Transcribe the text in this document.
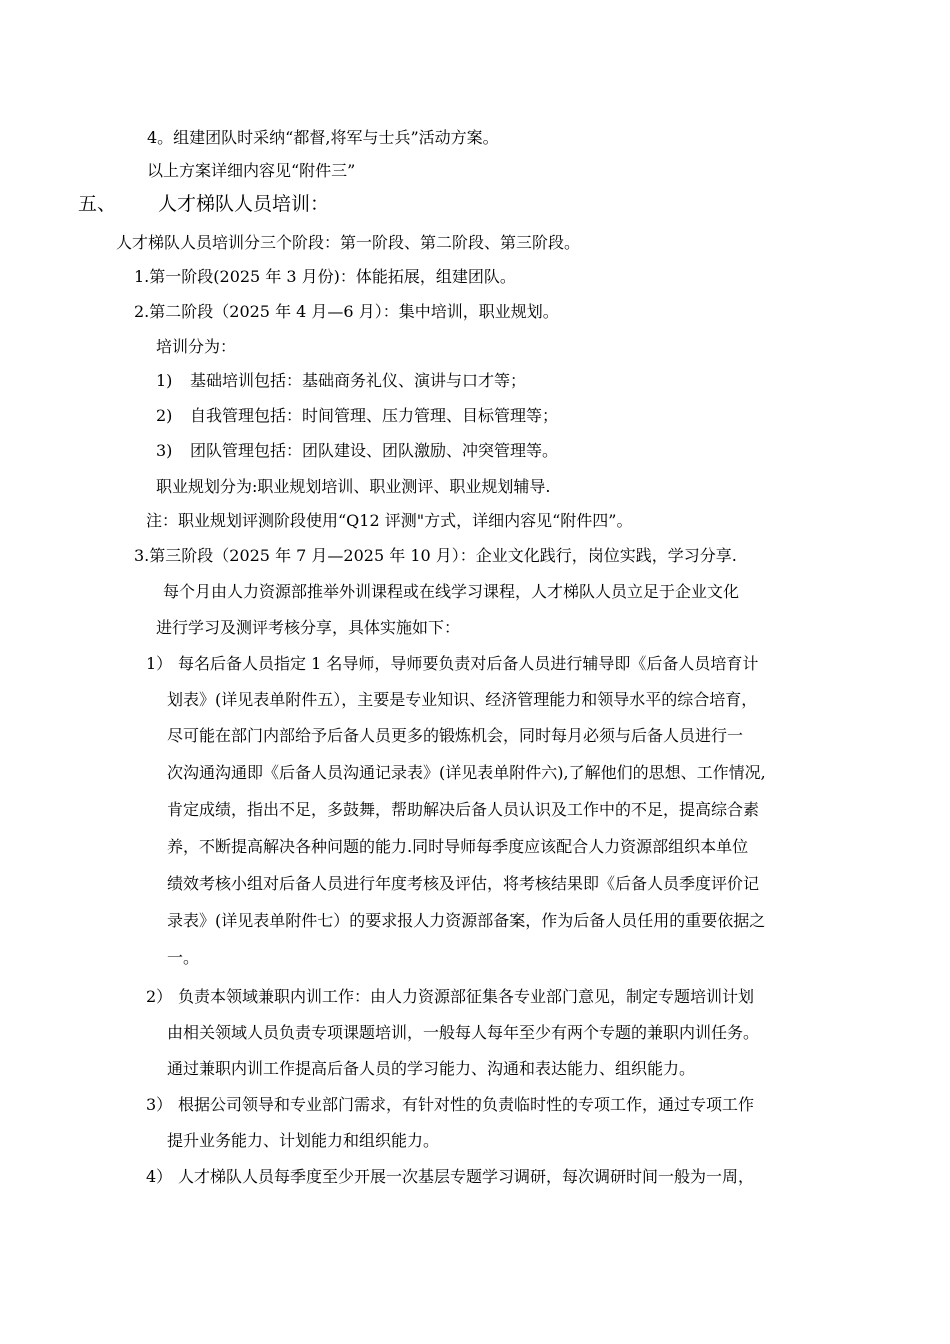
4。组建团队时采纳“都督,将军与士兵”活动方案。
以上方案详细内容见“附件三”
五、 人才梯队人员培训：
人才梯队人员培训分三个阶段：第一阶段、第二阶段、第三阶段。
1.第一阶段(2025 年 3 月份)：体能拓展，组建团队。
2.第二阶段（2025 年 4 月—6 月）：集中培训，职业规划。
培训分为：
1) 基础培训包括：基础商务礼仪、演讲与口才等；
2) 自我管理包括：时间管理、压力管理、目标管理等；
3) 团队管理包括：团队建设、团队激励、冲突管理等。
职业规划分为:职业规划培训、职业测评、职业规划辅导.
注：职业规划评测阶段使用“Q12 评测"方式，详细内容见“附件四”。
3.第三阶段（2025 年 7 月—2025 年 10 月）：企业文化践行，岗位实践，学习分享.
每个月由人力资源部推举外训课程或在线学习课程，人才梯队人员立足于企业文化
进行学习及测评考核分享，具体实施如下：
1） 每名后备人员指定 1 名导师，导师要负责对后备人员进行辅导即《后备人员培育计
划表》(详见表单附件五），主要是专业知识、经济管理能力和领导水平的综合培育，
尽可能在部门内部给予后备人员更多的锻炼机会，同时每月必须与后备人员进行一
次沟通沟通即《后备人员沟通记录表》(详见表单附件六),了解他们的思想、工作情况,
肯定成绩，指出不足，多鼓舞，帮助解决后备人员认识及工作中的不足，提高综合素
养，不断提高解决各种问题的能力.同时导师每季度应该配合人力资源部组织本单位
绩效考核小组对后备人员进行年度考核及评估，将考核结果即《后备人员季度评价记
录表》(详见表单附件七）的要求报人力资源部备案，作为后备人员任用的重要依据之
一。
2） 负责本领域兼职内训工作：由人力资源部征集各专业部门意见，制定专题培训计划
由相关领域人员负责专项课题培训，一般每人每年至少有两个专题的兼职内训任务。
通过兼职内训工作提高后备人员的学习能力、沟通和表达能力、组织能力。
3） 根据公司领导和专业部门需求，有针对性的负责临时性的专项工作，通过专项工作
提升业务能力、计划能力和组织能力。
4） 人才梯队人员每季度至少开展一次基层专题学习调研，每次调研时间一般为一周，
